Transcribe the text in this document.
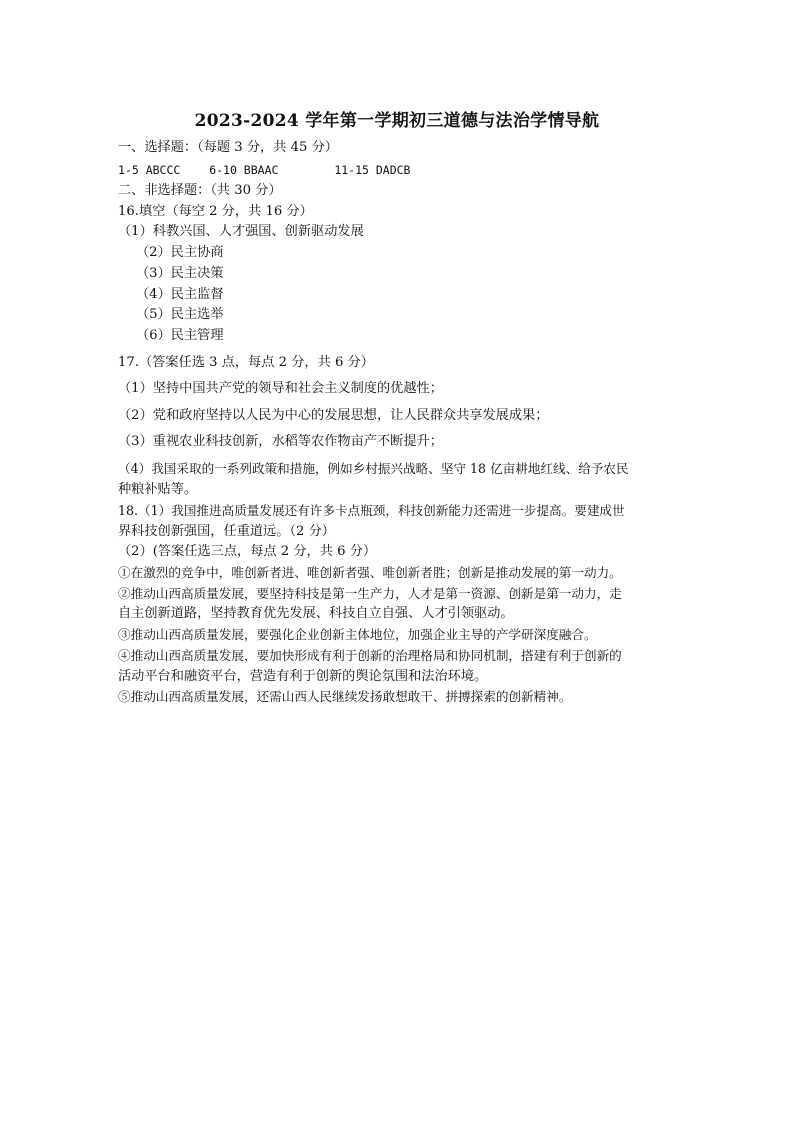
2023-2024 学年第一学期初三道德与法治学情导航
一、选择题：（每题 3 分，共 45 分）
1-5 ABCCC	6-10 BBAAC	11-15 DADCB
二、非选择题：（共 30 分）
16.填空（每空 2 分，共 16 分）
（1）科教兴国、人才强国、创新驱动发展
（2）民主协商
（3）民主决策
（4）民主监督
（5）民主选举
（6）民主管理
17.（答案任选 3 点，每点 2 分，共 6 分）
（1）坚持中国共产党的领导和社会主义制度的优越性；
（2）党和政府坚持以人民为中心的发展思想，让人民群众共享发展成果；
（3）重视农业科技创新，水稻等农作物亩产不断提升；
（4）我国采取的一系列政策和措施，例如乡村振兴战略、坚守 18 亿亩耕地红线、给予农民
种粮补贴等。
18.（1）我国推进高质量发展还有许多卡点瓶颈，科技创新能力还需进一步提高。要建成世
界科技创新强国，任重道远。（2 分）
（2）(答案任选三点，每点 2 分，共 6 分）
①在激烈的竞争中，唯创新者进、唯创新者强、唯创新者胜；创新是推动发展的第一动力。
②推动山西高质量发展，要坚持科技是第一生产力，人才是第一资源、创新是第一动力，走
自主创新道路，坚持教育优先发展、科技自立自强、人才引领驱动。
③推动山西高质量发展，要强化企业创新主体地位，加强企业主导的产学研深度融合。
④推动山西高质量发展，要加快形成有利于创新的治理格局和协同机制，搭建有利于创新的
活动平台和融资平台，营造有利于创新的舆论氛围和法治环境。
⑤推动山西高质量发展，还需山西人民继续发扬敢想敢干、拼搏探索的创新精神。
